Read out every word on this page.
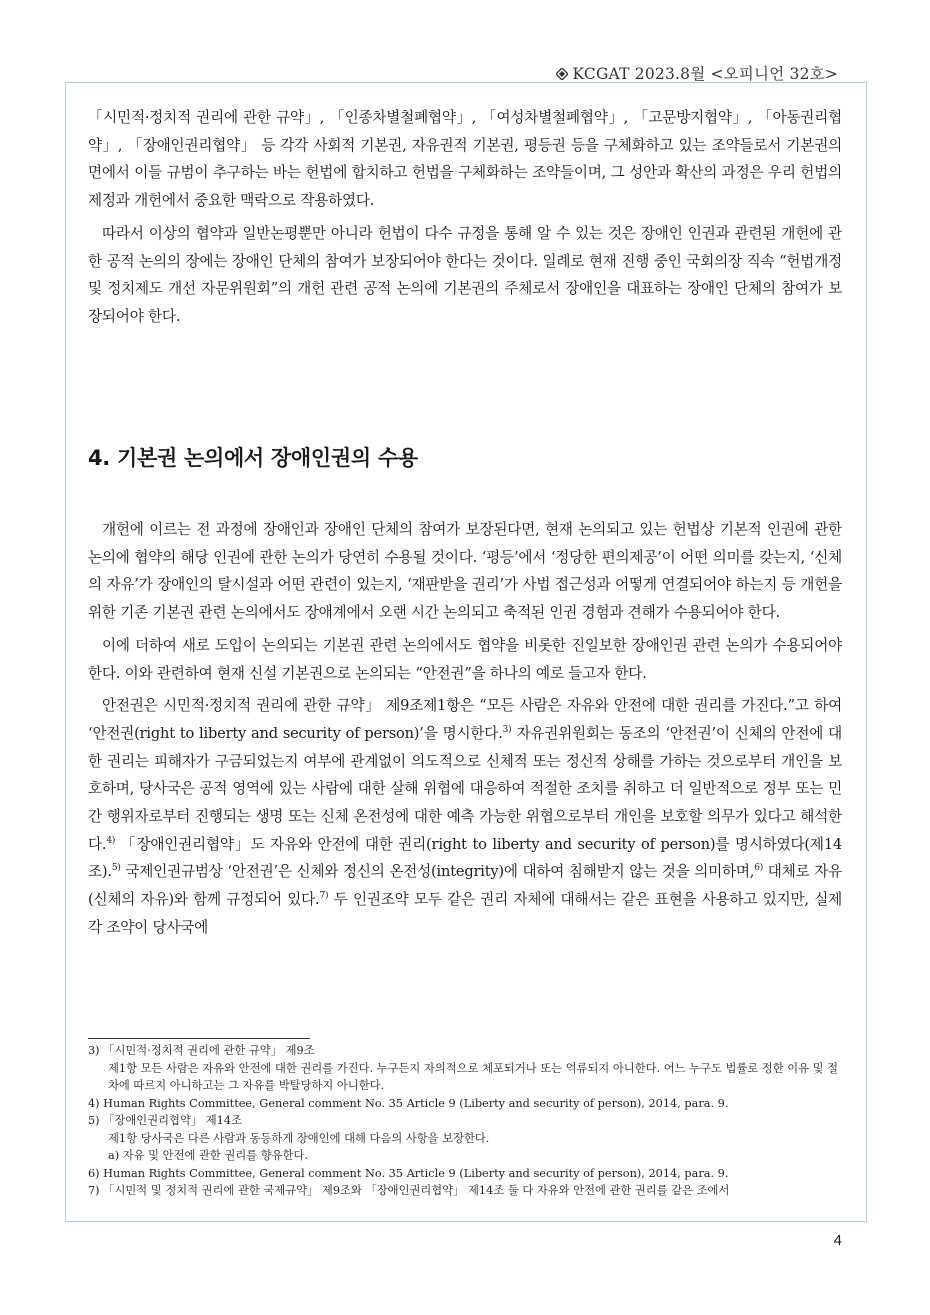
KCGAT 2023.8월 <오피니언 32호>

「시민적·정치적 권리에 관한 규약」, 「인종차별철폐협약」, 「여성차별철폐협약」, 「고문방지협약」, 「아동권리협약」, 「장애인권리협약」 등 각각 사회적 기본권, 자유권적 기본권, 평등권 등을 구체화하고 있는 조약들로서 기본권의 면에서 이들 규범이 추구하는 바는 헌법에 합치하고 헌법을 구체화하는 조약들이며, 그 성안과 확산의 과정은 우리 헌법의 제정과 개헌에서 중요한 맥락으로 작용하였다.

따라서 이상의 협약과 일반논평뿐만 아니라 헌법이 다수 규정을 통해 알 수 있는 것은 장애인 인권과 관련된 개헌에 관한 공적 논의의 장에는 장애인 단체의 참여가 보장되어야 한다는 것이다. 일례로 현재 진행 중인 국회의장 직속 “헌법개정 및 정치제도 개선 자문위원회”의 개헌 관련 공적 논의에 기본권의 주체로서 장애인을 대표하는 장애인 단체의 참여가 보장되어야 한다.

4. 기본권 논의에서 장애인권의 수용

개헌에 이르는 전 과정에 장애인과 장애인 단체의 참여가 보장된다면, 현재 논의되고 있는 헌법상 기본적 인권에 관한 논의에 협약의 해당 인권에 관한 논의가 당연히 수용될 것이다. ‘평등’에서 ‘정당한 편의제공’이 어떤 의미를 갖는지, ‘신체의 자유’가 장애인의 탈시설과 어떤 관련이 있는지, ‘재판받을 권리’가 사법 접근성과 어떻게 연결되어야 하는지 등 개헌을 위한 기존 기본권 관련 논의에서도 장애계에서 오랜 시간 논의되고 축적된 인권 경험과 견해가 수용되어야 한다.

이에 더하여 새로 도입이 논의되는 기본권 관련 논의에서도 협약을 비롯한 진일보한 장애인권 관련 논의가 수용되어야 한다. 이와 관련하여 현재 신설 기본권으로 논의되는 “안전권”을 하나의 예로 들고자 한다.

안전권은 시민적·정치적 권리에 관한 규약」 제9조제1항은 “모든 사람은 자유와 안전에 대한 권리를 가진다.”고 하여 ‘안전권(right to liberty and security of person)’을 명시한다.$^{3)}$ 자유권위원회는 동조의 ‘안전권’이 신체의 안전에 대한 권리는 피해자가 구금되었는지 여부에 관계없이 의도적으로 신체적 또는 정신적 상해를 가하는 것으로부터 개인을 보호하며, 당사국은 공적 영역에 있는 사람에 대한 살해 위협에 대응하여 적절한 조치를 취하고 더 일반적으로 정부 또는 민간 행위자로부터 진행되는 생명 또는 신체 온전성에 대한 예측 가능한 위협으로부터 개인을 보호할 의무가 있다고 해석한다.$^{4)}$ 「장애인권리협약」도 자유와 안전에 대한 권리(right to liberty and security of person)를 명시하였다(제14조).$^{5)}$ 국제인권규범상 ‘안전권’은 신체와 정신의 온전성(integrity)에 대하여 침해받지 않는 것을 의미하며,$^{6)}$ 대체로 자유(신체의 자유)와 함께 규정되어 있다.$^{7)}$ 두 인권조약 모두 같은 권리 자체에 대해서는 같은 표현을 사용하고 있지만, 실제 각 조약이 당사국에

3) 「시민적·정치적 권리에 관한 규약」 제9조

제1항 모든 사람은 자유와 안전에 대한 권리를 가진다. 누구든지 자의적으로 체포되거나 또는 억류되지 아니한다. 어느 누구도 법률로 정한 이유 및 절차에 따르지 아니하고는 그 자유를 박탈당하지 아니한다.

4) Human Rights Committee, General comment No. 35 Article 9 (Liberty and security of person), 2014, para. 9.

5) 「장애인권리협약」 제14조

제1항 당사국은 다른 사람과 동등하게 장애인에 대해 다음의 사항을 보장한다.

a) 자유 및 안전에 관한 권리를 향유한다.

6) Human Rights Committee, General comment No. 35 Article 9 (Liberty and security of person), 2014, para. 9.

7) 「시민적 및 정치적 권리에 관한 국제규약」 제9조와 「장애인권리협약」 제14조 둘 다 자유와 안전에 관한 권리를 같은 조에서

4
